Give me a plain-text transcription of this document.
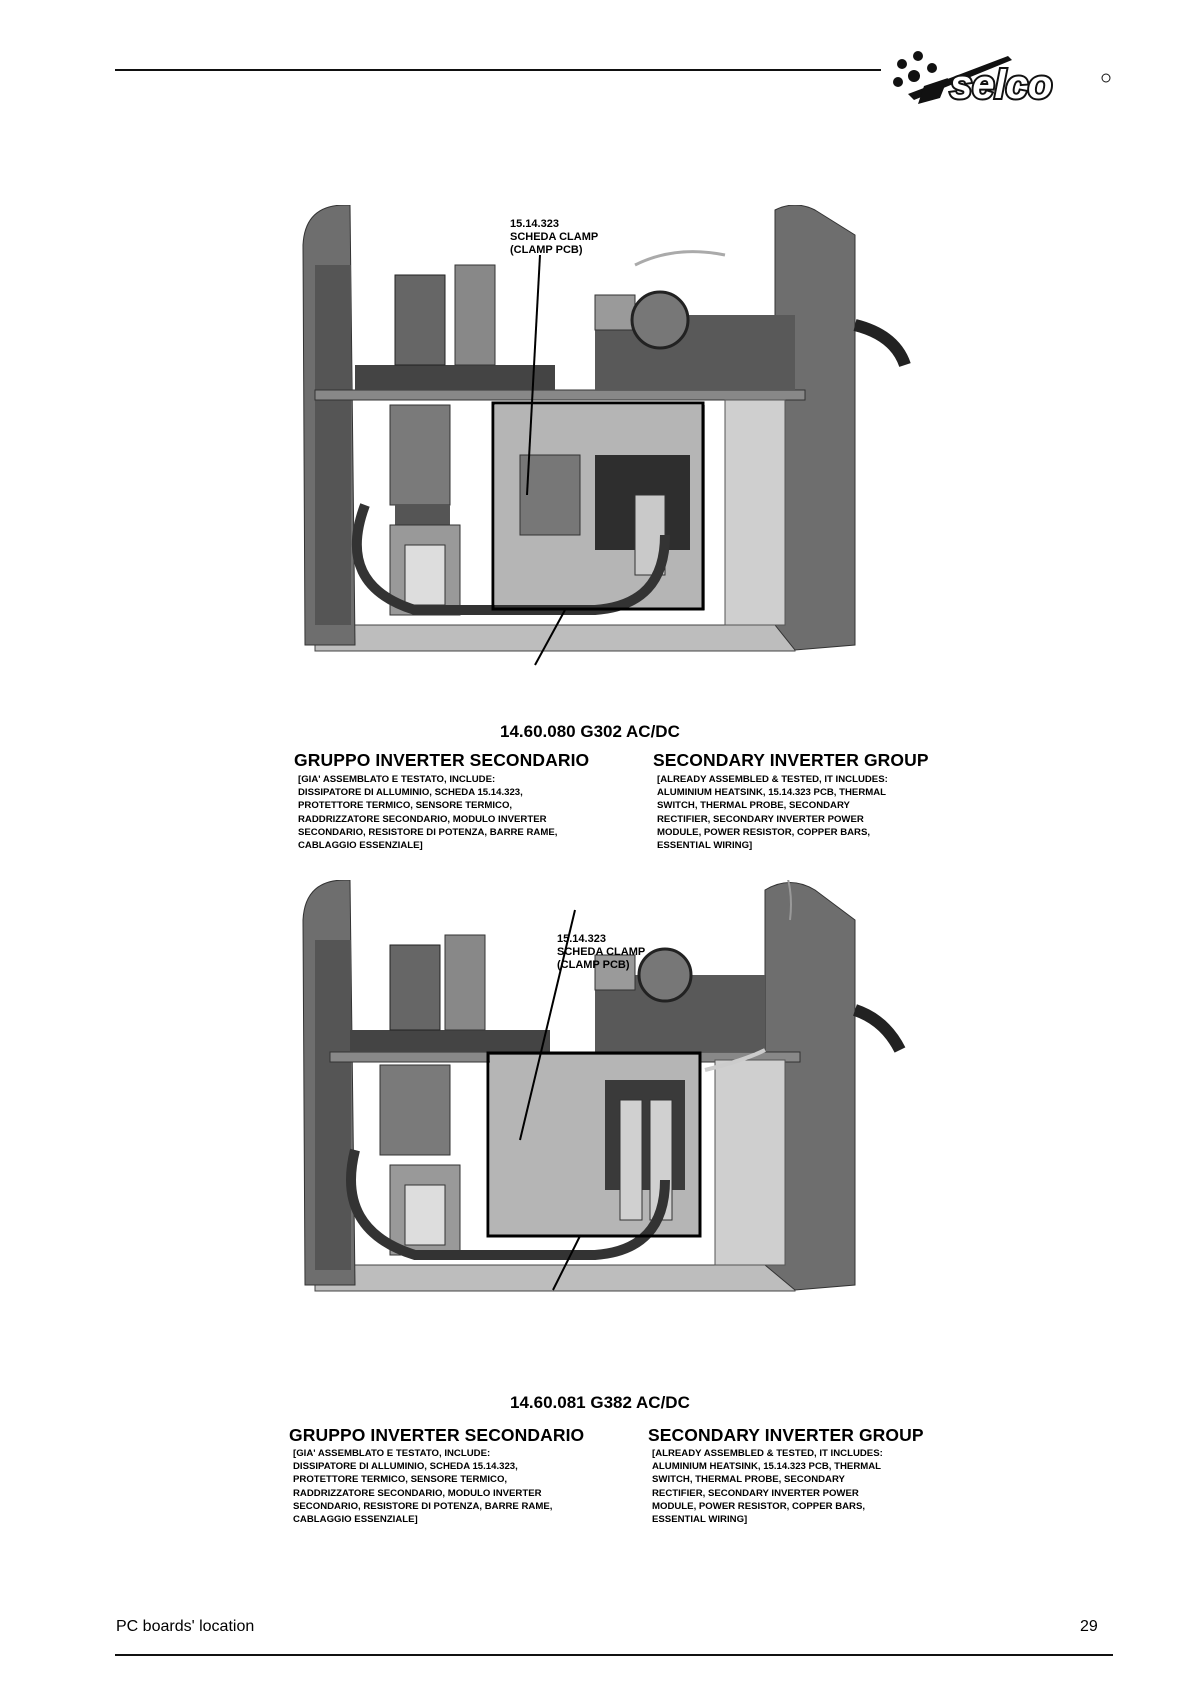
selco
15.14.323
SCHEDA CLAMP
(CLAMP PCB)
14.60.080 G302 AC/DC
GRUPPO INVERTER SECONDARIO
[GIA' ASSEMBLATO E TESTATO, INCLUDE:
DISSIPATORE DI ALLUMINIO, SCHEDA 15.14.323,
PROTETTORE TERMICO, SENSORE TERMICO,
RADDRIZZATORE SECONDARIO, MODULO INVERTER
SECONDARIO, RESISTORE DI POTENZA, BARRE RAME,
CABLAGGIO ESSENZIALE]
SECONDARY INVERTER GROUP
[ALREADY ASSEMBLED & TESTED, IT INCLUDES:
ALUMINIUM HEATSINK, 15.14.323 PCB, THERMAL
SWITCH, THERMAL PROBE, SECONDARY
RECTIFIER, SECONDARY INVERTER POWER
MODULE, POWER RESISTOR, COPPER BARS,
ESSENTIAL WIRING]
15.14.323
SCHEDA CLAMP
(CLAMP PCB)
14.60.081 G382 AC/DC
GRUPPO INVERTER SECONDARIO
[GIA' ASSEMBLATO E TESTATO, INCLUDE:
DISSIPATORE DI ALLUMINIO, SCHEDA 15.14.323,
PROTETTORE TERMICO, SENSORE TERMICO,
RADDRIZZATORE SECONDARIO, MODULO INVERTER
SECONDARIO, RESISTORE DI POTENZA, BARRE RAME,
CABLAGGIO ESSENZIALE]
SECONDARY INVERTER GROUP
[ALREADY ASSEMBLED & TESTED, IT INCLUDES:
ALUMINIUM HEATSINK, 15.14.323 PCB, THERMAL
SWITCH, THERMAL PROBE, SECONDARY
RECTIFIER, SECONDARY INVERTER POWER
MODULE, POWER RESISTOR, COPPER BARS,
ESSENTIAL WIRING]
PC boards' location	29
